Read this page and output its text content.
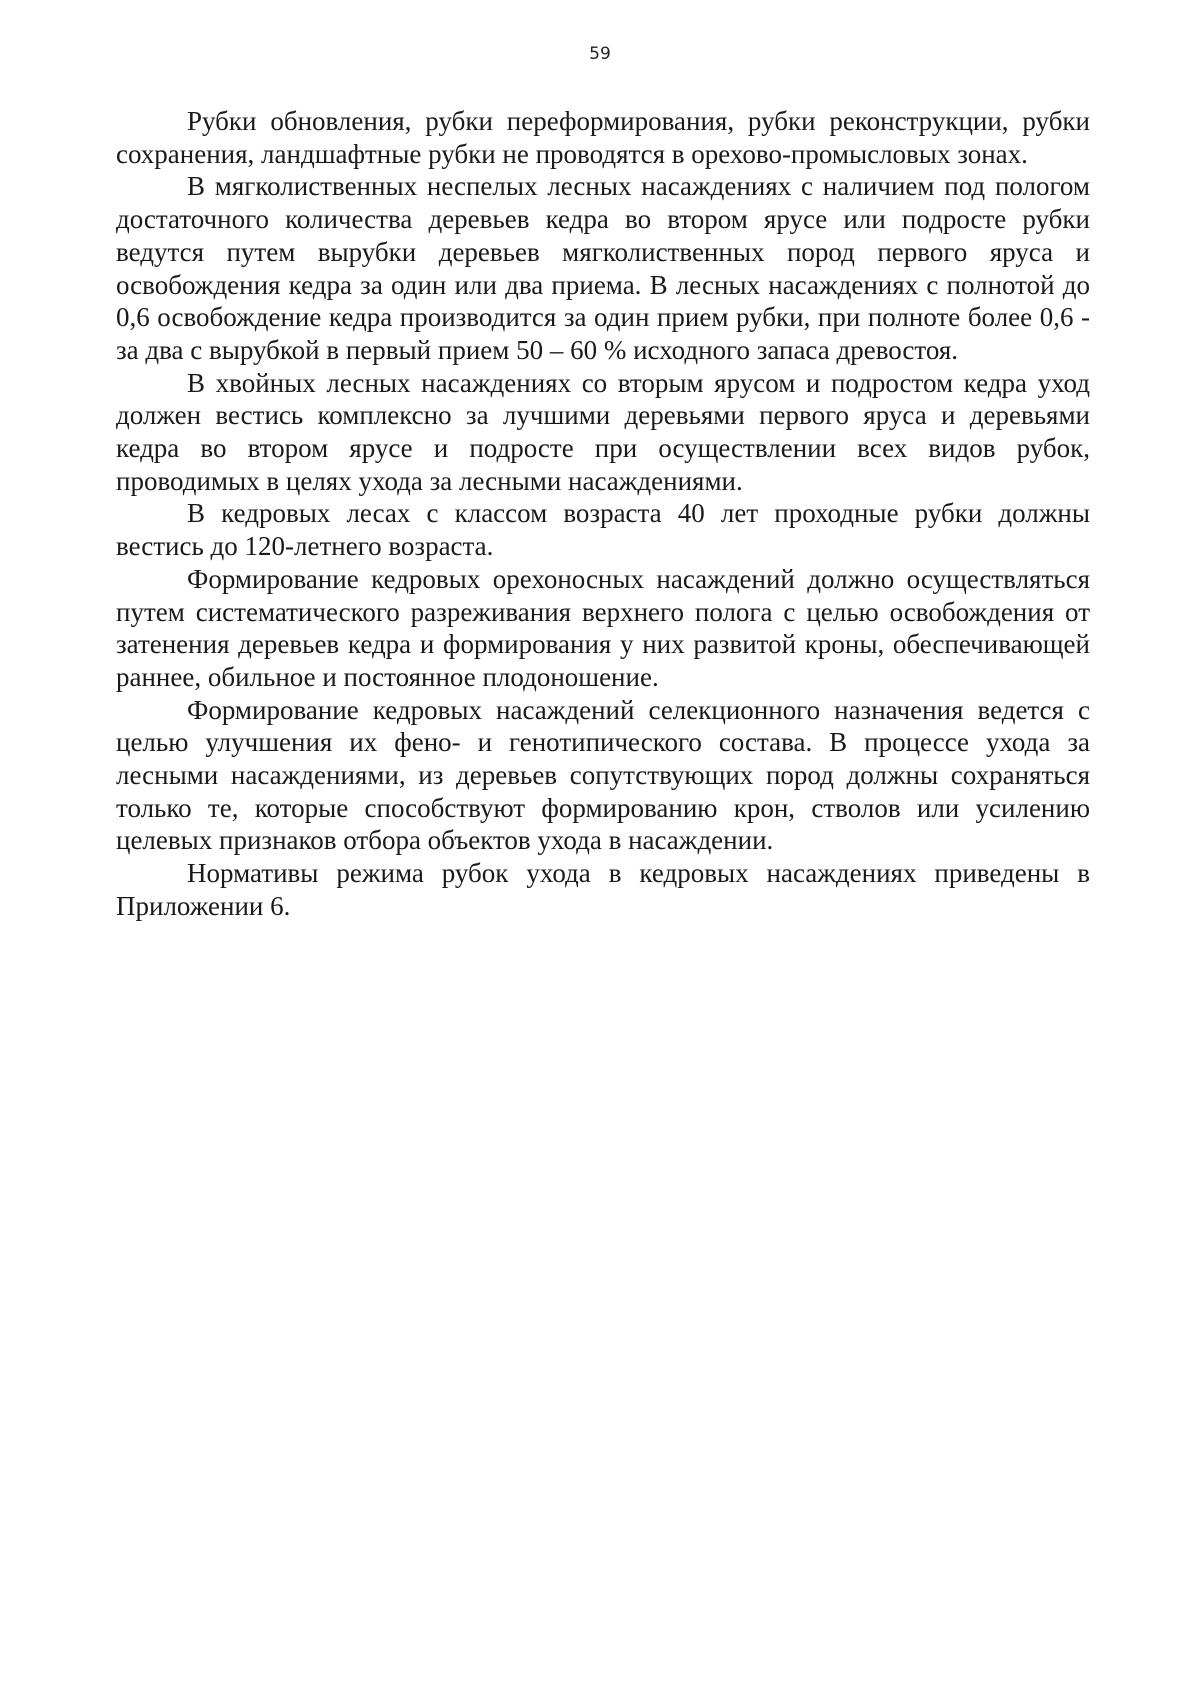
59

Рубки обновления, рубки переформирования, рубки реконструкции, рубки сохранения, ландшафтные рубки не проводятся в орехово-промысловых зонах.

В мягколиственных неспелых лесных насаждениях с наличием под пологом достаточного количества деревьев кедра во втором ярусе или подросте рубки ведутся путем вырубки деревьев мягколиственных пород первого яруса и освобождения кедра за один или два приема. В лесных насаждениях с полнотой до 0,6 освобождение кедра производится за один прием рубки, при полноте более 0,6 - за два с вырубкой в первый прием 50 – 60 % исходного запаса древостоя.

В хвойных лесных насаждениях со вторым ярусом и подростом кедра уход должен вестись комплексно за лучшими деревьями первого яруса и деревьями кедра во втором ярусе и подросте при осуществлении всех видов рубок, проводимых в целях ухода за лесными насаждениями.

В кедровых лесах с классом возраста 40 лет проходные рубки должны вестись до 120-летнего возраста.

Формирование кедровых орехоносных насаждений должно осуществляться путем систематического разреживания верхнего полога с целью освобождения от затенения деревьев кедра и формирования у них развитой кроны, обеспечивающей раннее, обильное и постоянное плодоношение.

Формирование кедровых насаждений селекционного назначения ведется с целью улучшения их фено- и генотипического состава. В процессе ухода за лесными насаждениями, из деревьев сопутствующих пород должны сохраняться только те, которые способствуют формированию крон, стволов или усилению целевых признаков отбора объектов ухода в насаждении.

Нормативы режима рубок ухода в кедровых насаждениях приведены в Приложении 6.
